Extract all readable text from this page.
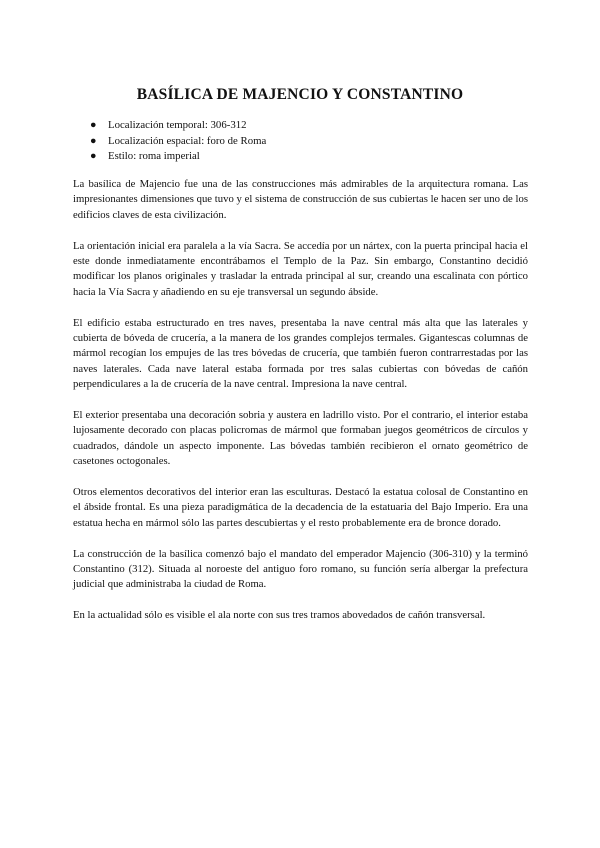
BASÍLICA DE MAJENCIO Y CONSTANTINO
● Localización temporal: 306-312
● Localización espacial: foro de Roma
● Estilo: roma imperial

La basílica de Majencio fue una de las construcciones más admirables de la arquitectura romana. Las impresionantes dimensiones que tuvo y el sistema de construcción de sus cubiertas le hacen ser uno de los edificios claves de esta civilización.

La orientación inicial era paralela a la vía Sacra. Se accedía por un nártex, con la puerta principal hacia el este donde inmediatamente encontrábamos el Templo de la Paz. Sin embargo, Constantino decidió modificar los planos originales y trasladar la entrada principal al sur, creando una escalinata con pórtico hacia la Vía Sacra y añadiendo en su eje transversal un segundo ábside.

El edificio estaba estructurado en tres naves, presentaba la nave central más alta que las laterales y cubierta de bóveda de crucería, a la manera de los grandes complejos termales. Gigantescas columnas de mármol recogían los empujes de las tres bóvedas de crucería, que también fueron contrarrestadas por las naves laterales. Cada nave lateral estaba formada por tres salas cubiertas con bóvedas de cañón perpendiculares a la de crucería de la nave central. Impresiona la nave central.

El exterior presentaba una decoración sobria y austera en ladrillo visto. Por el contrario, el interior estaba lujosamente decorado con placas policromas de mármol que formaban juegos geométricos de círculos y cuadrados, dándole un aspecto imponente. Las bóvedas también recibieron el ornato geométrico de casetones octogonales.

Otros elementos decorativos del interior eran las esculturas. Destacó la estatua colosal de Constantino en el ábside frontal. Es una pieza paradigmática de la decadencia de la estatuaria del Bajo Imperio. Era una estatua hecha en mármol sólo las partes descubiertas y el resto probablemente era de bronce dorado.

La construcción de la basílica comenzó bajo el mandato del emperador Majencio (306-310) y la terminó Constantino (312). Situada al noroeste del antiguo foro romano, su función sería albergar la prefectura judicial que administraba la ciudad de Roma.

En la actualidad sólo es visible el ala norte con sus tres tramos abovedados de cañón transversal.
